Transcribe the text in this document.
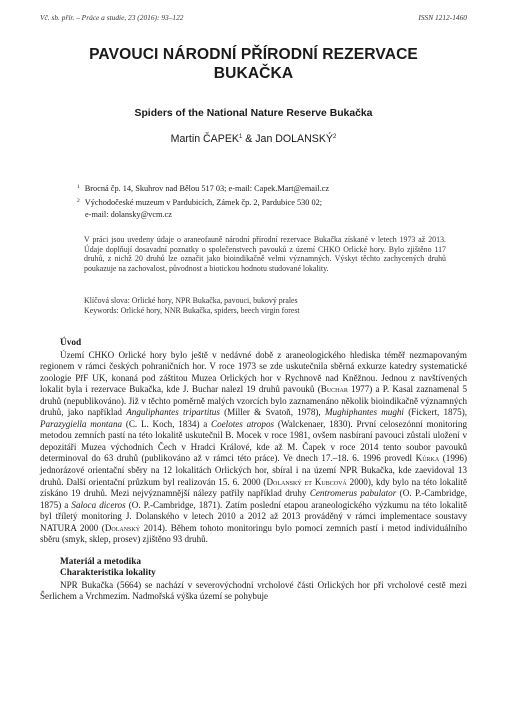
Vč. sb. přír. – Práce a studie, 23 (2016): 93–122	ISSN 1212-1460
PAVOUCI NÁRODNÍ PŘÍRODNÍ REZERVACE
BUKAČKA
Spiders of the National Nature Reserve Bukačka
Martin ČAPEK$^1$ & Jan DOLANSKÝ$^2$
$^1$ Brocná čp. 14, Skuhrov nad Bělou 517 03; e-mail: Capek.Mart@email.cz
$^2$ Východočeské muzeum v Pardubicích, Zámek čp. 2, Pardubice 530 02;
e-mail: dolansky@vcm.cz
V práci jsou uvedeny údaje o araneofauně národní přírodní rezervace Bukačka získané v letech 1973 až 2013. Údaje doplňují dosavadní poznatky o společenstvech pavouků z území CHKO Orlické hory. Bylo zjištěno 117 druhů, z nichž 20 druhů lze označit jako bioindikačně velmi významných. Výskyt těchto zachycených druhů poukazuje na zachovalost, původnost a biotickou hodnotu studované lokality.
Klíčová slova: Orlické hory, NPR Bukačka, pavouci, bukový prales
Keywords: Orlické hory, NNR Bukačka, spiders, beech virgin forest
Úvod

Území CHKO Orlické hory bylo ještě v nedávné době z araneologického hlediska téměř nezmapovaným regionem v rámci českých pohraničních hor. V roce 1973 se zde uskutečnila sběrná exkurze katedry systematické zoologie PřF UK, konaná pod záštitou Muzea Orlických hor v Rychnově nad Kněžnou. Jednou z navštívených lokalit byla i rezervace Bukačka, kde J. Buchar nalezl 19 druhů pavouků (Buchar 1977) a P. Kasal zaznamenal 5 druhů (nepublikováno). Již v těchto poměrně malých vzorcích bylo zaznamenáno několik bioindikačně významných druhů, jako například Anguliphantes tripartitus (Miller & Svatoň, 1978), Mughiphantes mughi (Fickert, 1875), Parazygiella montana (C. L. Koch, 1834) a Coelotes atropos (Walckenaer, 1830). První celosezónní monitoring metodou zemních pastí na této lokalitě uskutečnil B. Mocek v roce 1981, ovšem nasbíraní pavouci zůstali uložení v depozitáři Muzea východních Čech v Hradci Králové, kde až M. Čapek v roce 2014 tento soubor pavouků determinoval do 63 druhů (publikováno až v rámci této práce). Ve dnech 17.–18. 6. 1996 provedl Kůrka (1996) jednorázové orientační sběry na 12 lokalitách Orlických hor, sbíral i na území NPR Bukačka, kde zaevidoval 13 druhů. Další orientační průzkum byl realizován 15. 6. 2000 (Dolanský et Kubcová 2000), kdy bylo na této lokalitě získáno 19 druhů. Mezi nejvýznamnější nálezy patřily například druhy Centromerus pabulator (O. P.-Cambridge, 1875) a Saloca diceros (O. P.-Cambridge, 1871). Zatím poslední etapou araneologického výzkumu na této lokalitě byl tříletý monitoring J. Dolanského v letech 2010 a 2012 až 2013 prováděný v rámci implementace soustavy NATURA 2000 (Dolanský 2014). Během tohoto monitoringu bylo pomocí zemních pastí i metod individuálního sběru (smyk, sklep, prosev) zjištěno 93 druhů.

Materiál a metodika
Charakteristika lokality

NPR Bukačka (5664) se nachází v severovýchodní vrcholové části Orlických hor při vrcholové cestě mezi Šerlichem a Vrchmezím. Nadmořská výška území se pohybuje
